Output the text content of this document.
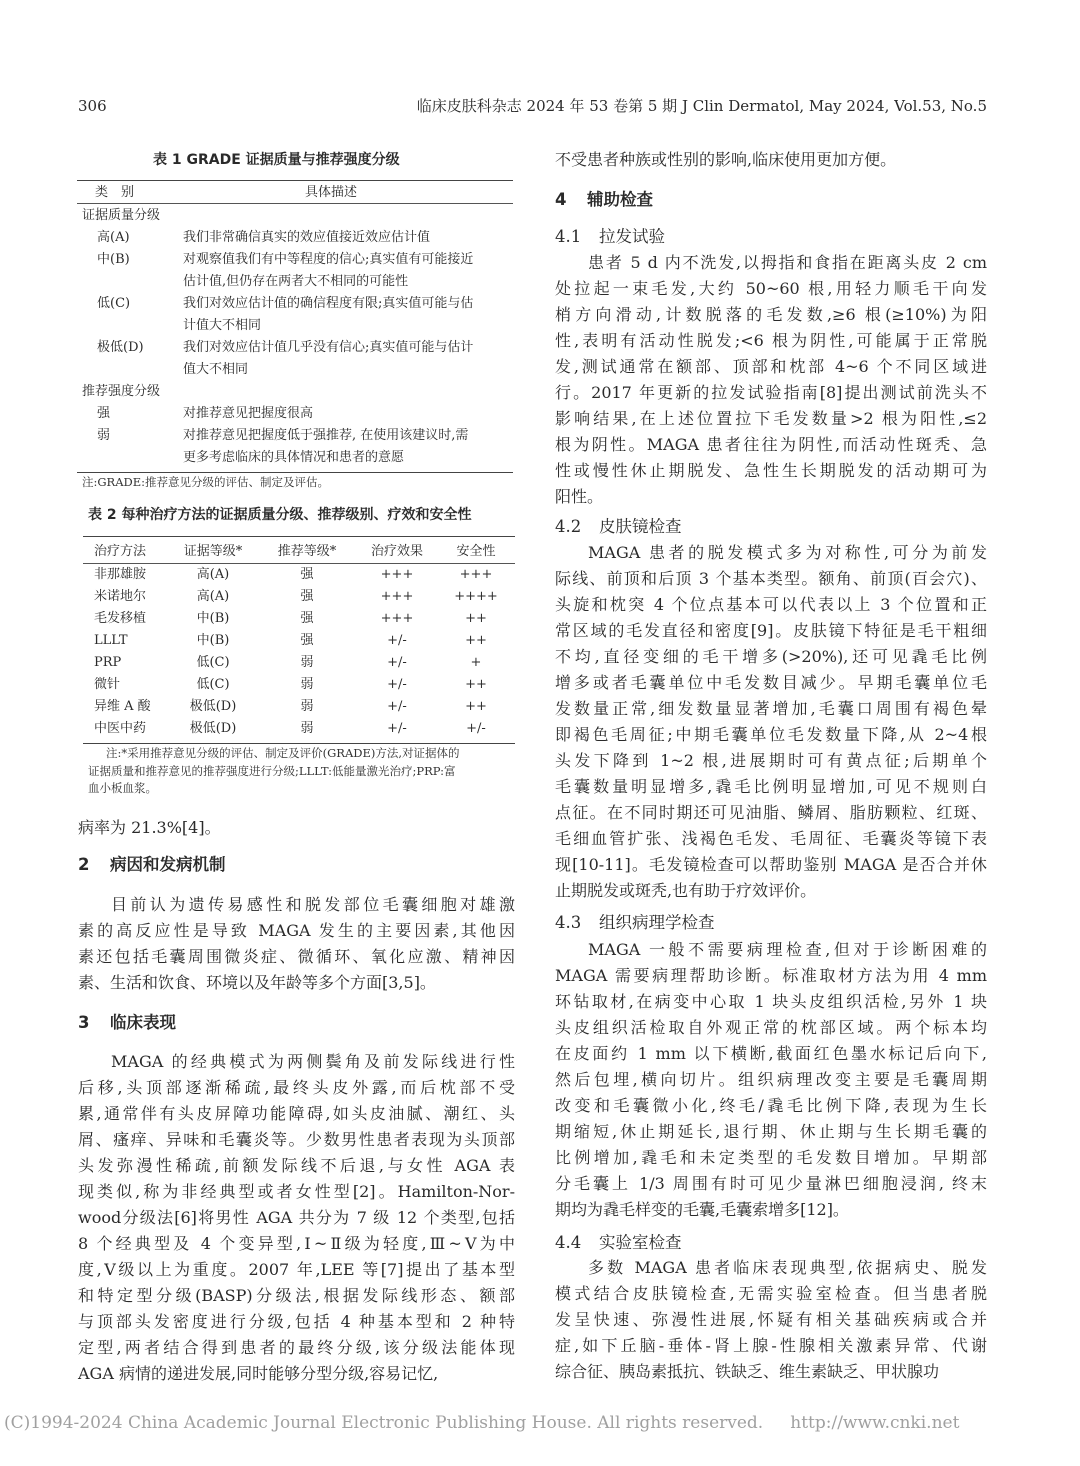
306	临床皮肤科杂志 2024 年 53 卷第 5 期 J Clin Dermatol, May 2024, Vol.53, No.5
表 1 GRADE 证据质量与推荐强度分级
类　别	具体描述
证据质量分级
高(A)	我们非常确信真实的效应值接近效应估计值
中(B)	对观察值我们有中等程度的信心;真实值有可能接近
估计值,但仍存在两者大不相同的可能性
低(C)	我们对效应估计值的确信程度有限;真实值可能与估
计值大不相同
极低(D)	我们对效应估计值几乎没有信心;真实值可能与估计
值大不相同
推荐强度分级
强	对推荐意见把握度很高
弱	对推荐意见把握度低于强推荐, 在使用该建议时,需
更多考虑临床的具体情况和患者的意愿
注:GRADE:推荐意见分级的评估、制定及评估。
表 2 每种治疗方法的证据质量分级、推荐级别、疗效和安全性
治疗方法	证据等级*	推荐等级*	治疗效果	安全性
非那雄胺	高(A)	强	+++	+++
米诺地尔	高(A)	强	+++	++++
毛发移植	中(B)	强	+++	++
LLLT	中(B)	强	+/-	++
PRP	低(C)	弱	+/-	+
微针	低(C)	弱	+/-	++
异维 A 酸	极低(D)	弱	+/-	++
中医中药	极低(D)	弱	+/-	+/-
注:*采用推荐意见分级的评估、制定及评价(GRADE)方法,对证据体的
证据质量和推荐意见的推荐强度进行分级;LLLT:低能量激光治疗;PRP:富
血小板血浆。
病率为 21.3%[4]。
2 病因和发病机制
目前认为遗传易感性和脱发部位毛囊细胞对雄激
素的高反应性是导致 MAGA 发生的主要因素,其他因
素还包括毛囊周围微炎症、微循环、氧化应激、精神因
素、生活和饮食、环境以及年龄等多个方面[3,5]。
3 临床表现
MAGA 的经典模式为两侧鬓角及前发际线进行性
后移,头顶部逐渐稀疏,最终头皮外露,而后枕部不受
累,通常伴有头皮屏障功能障碍,如头皮油腻、潮红、头
屑、瘙痒、异味和毛囊炎等。少数男性患者表现为头顶部
头发弥漫性稀疏,前额发际线不后退,与女性 AGA 表
现类似,称为非经典型或者女性型[2]。Hamilton-Nor-
wood分级法[6]将男性 AGA 共分为 7 级 12 个类型,包括
8 个经典型及 4 个变异型,Ⅰ~Ⅱ级为轻度,Ⅲ~Ⅴ为中
度,Ⅴ级以上为重度。2007 年,LEE 等[7]提出了基本型
和特定型分级(BASP)分级法,根据发际线形态、额部
与顶部头发密度进行分级,包括 4 种基本型和 2 种特
定型,两者结合得到患者的最终分级,该分级法能体现
AGA 病情的递进发展,同时能够分型分级,容易记忆,
不受患者种族或性别的影响,临床使用更加方便。
4 辅助检查
4.1 拉发试验
患者 5 d 内不洗发,以拇指和食指在距离头皮 2 cm
处拉起一束毛发,大约 50~60 根,用轻力顺毛干向发
梢方向滑动,计数脱落的毛发数,≥6 根(≥10%)为阳
性,表明有活动性脱发;<6 根为阴性,可能属于正常脱
发,测试通常在额部、顶部和枕部 4~6 个不同区域进
行。2017 年更新的拉发试验指南[8]提出测试前洗头不
影响结果,在上述位置拉下毛发数量>2 根为阳性,≤2
根为阴性。MAGA 患者往往为阴性,而活动性斑秃、急
性或慢性休止期脱发、急性生长期脱发的活动期可为
阳性。
4.2 皮肤镜检查
MAGA 患者的脱发模式多为对称性,可分为前发
际线、前顶和后顶 3 个基本类型。额角、前顶(百会穴)、
头旋和枕突 4 个位点基本可以代表以上 3 个位置和正
常区域的毛发直径和密度[9]。皮肤镜下特征是毛干粗细
不均,直径变细的毛干增多(>20%),还可见毳毛比例
增多或者毛囊单位中毛发数目减少。早期毛囊单位毛
发数量正常,细发数量显著增加,毛囊口周围有褐色晕
即褐色毛周征;中期毛囊单位毛发数量下降,从 2~4根
头发下降到 1~2 根,进展期时可有黄点征;后期单个
毛囊数量明显增多,毳毛比例明显增加,可见不规则白
点征。在不同时期还可见油脂、鳞屑、脂肪颗粒、红斑、
毛细血管扩张、浅褐色毛发、毛周征、毛囊炎等镜下表
现[10-11]。毛发镜检查可以帮助鉴别 MAGA 是否合并休
止期脱发或斑秃,也有助于疗效评价。
4.3 组织病理学检查
MAGA 一般不需要病理检查,但对于诊断困难的
MAGA 需要病理帮助诊断。标准取材方法为用 4 mm
环钻取材,在病变中心取 1 块头皮组织活检,另外 1 块
头皮组织活检取自外观正常的枕部区域。两个标本均
在皮面约 1 mm 以下横断,截面红色墨水标记后向下,
然后包埋,横向切片。组织病理改变主要是毛囊周期
改变和毛囊微小化,终毛/毳毛比例下降,表现为生长
期缩短,休止期延长,退行期、休止期与生长期毛囊的
比例增加,毳毛和未定类型的毛发数目增加。早期部
分毛囊上 1/3 周围有时可见少量淋巴细胞浸润, 终末
期均为毳毛样变的毛囊,毛囊索增多[12]。
4.4 实验室检查
多数 MAGA 患者临床表现典型,依据病史、脱发
模式结合皮肤镜检查,无需实验室检查。但当患者脱
发呈快速、弥漫性进展,怀疑有相关基础疾病或合并
症,如下丘脑-垂体-肾上腺-性腺相关激素异常、代谢
综合征、胰岛素抵抗、铁缺乏、维生素缺乏、甲状腺功
(C)1994-2024 China Academic Journal Electronic Publishing House. All rights reserved. http://www.cnki.net
